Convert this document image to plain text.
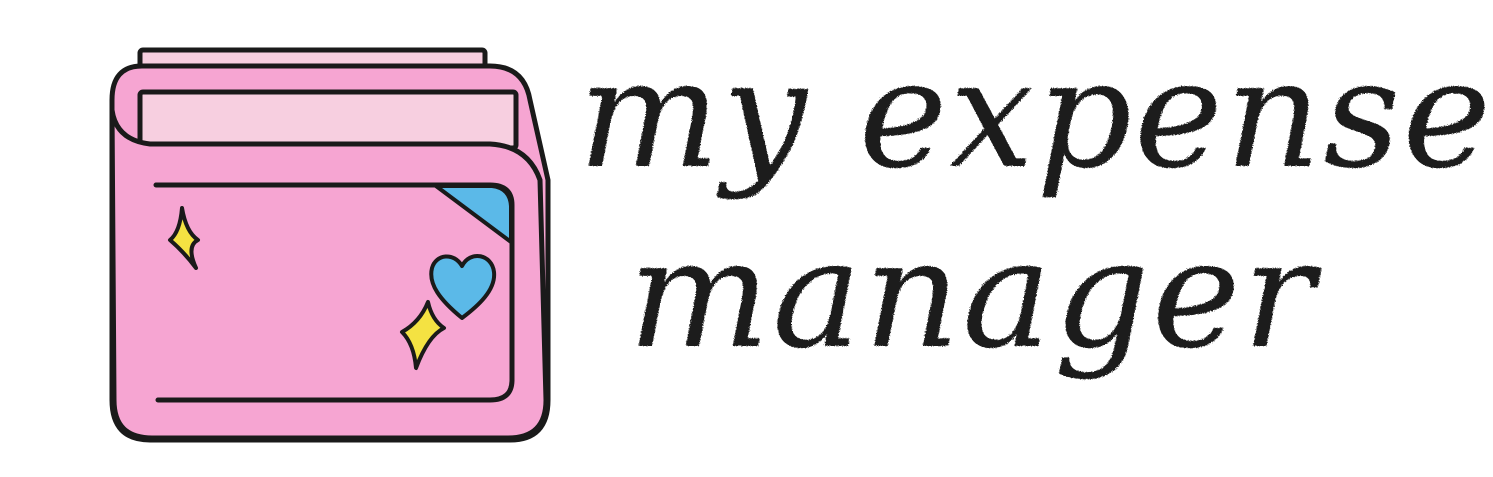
my expense
manager
